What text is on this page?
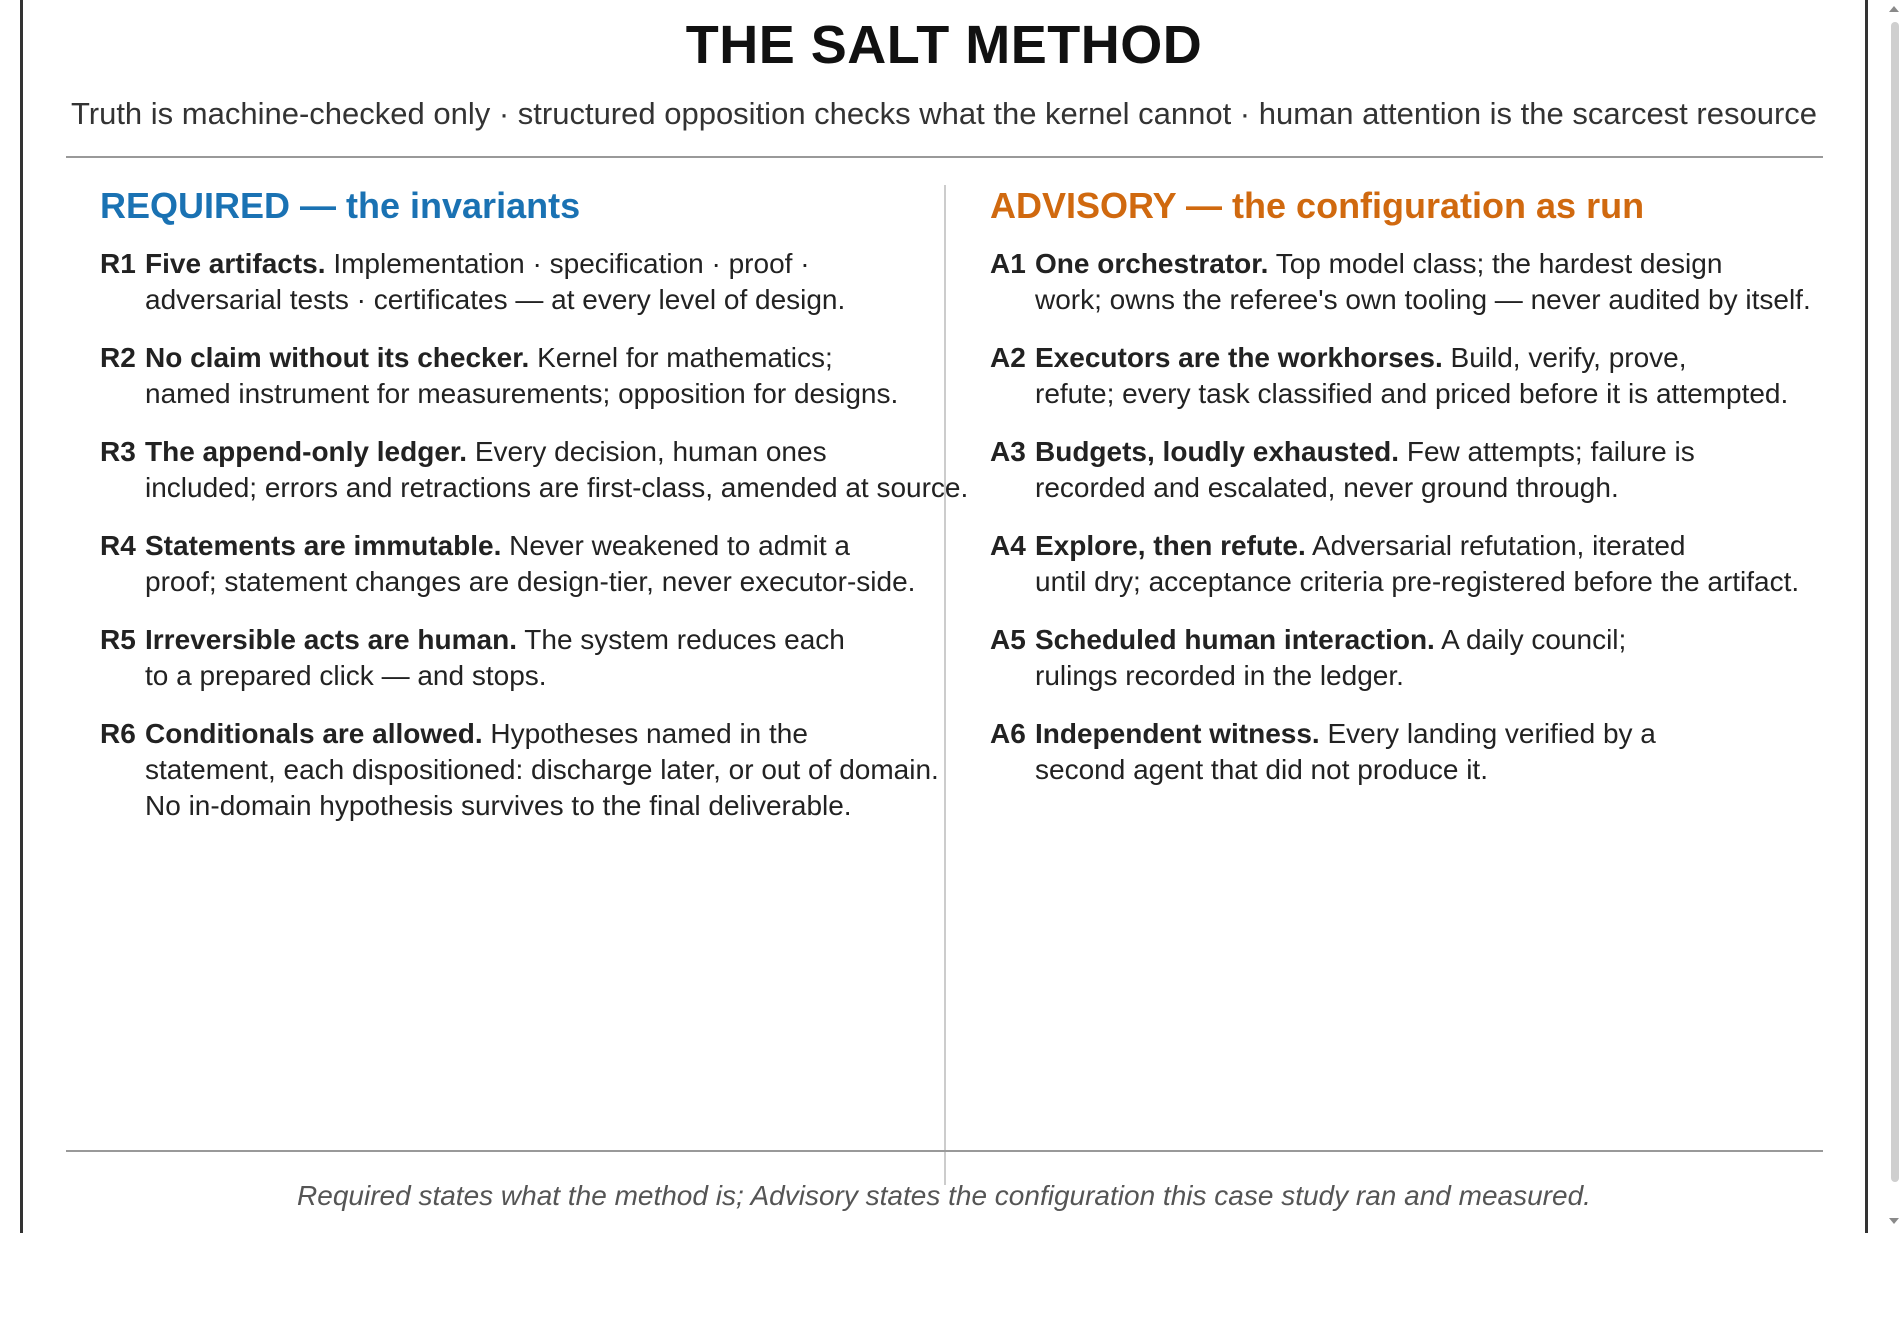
THE SALT METHOD
Truth is machine-checked only · structured opposition checks what the kernel cannot · human attention is the scarcest resource
REQUIRED — the invariants
R1 Five artifacts. Implementation · specification · proof ·
adversarial tests · certificates — at every level of design.
R2 No claim without its checker. Kernel for mathematics;
named instrument for measurements; opposition for designs.
R3 The append-only ledger. Every decision, human ones
included; errors and retractions are first-class, amended at source.
R4 Statements are immutable. Never weakened to admit a
proof; statement changes are design-tier, never executor-side.
R5 Irreversible acts are human. The system reduces each
to a prepared click — and stops.
R6 Conditionals are allowed. Hypotheses named in the
statement, each dispositioned: discharge later, or out of domain.
No in-domain hypothesis survives to the final deliverable.
ADVISORY — the configuration as run
A1 One orchestrator. Top model class; the hardest design
work; owns the referee's own tooling — never audited by itself.
A2 Executors are the workhorses. Build, verify, prove,
refute; every task classified and priced before it is attempted.
A3 Budgets, loudly exhausted. Few attempts; failure is
recorded and escalated, never ground through.
A4 Explore, then refute. Adversarial refutation, iterated
until dry; acceptance criteria pre-registered before the artifact.
A5 Scheduled human interaction. A daily council;
rulings recorded in the ledger.
A6 Independent witness. Every landing verified by a
second agent that did not produce it.
Required states what the method is; Advisory states the configuration this case study ran and measured.
